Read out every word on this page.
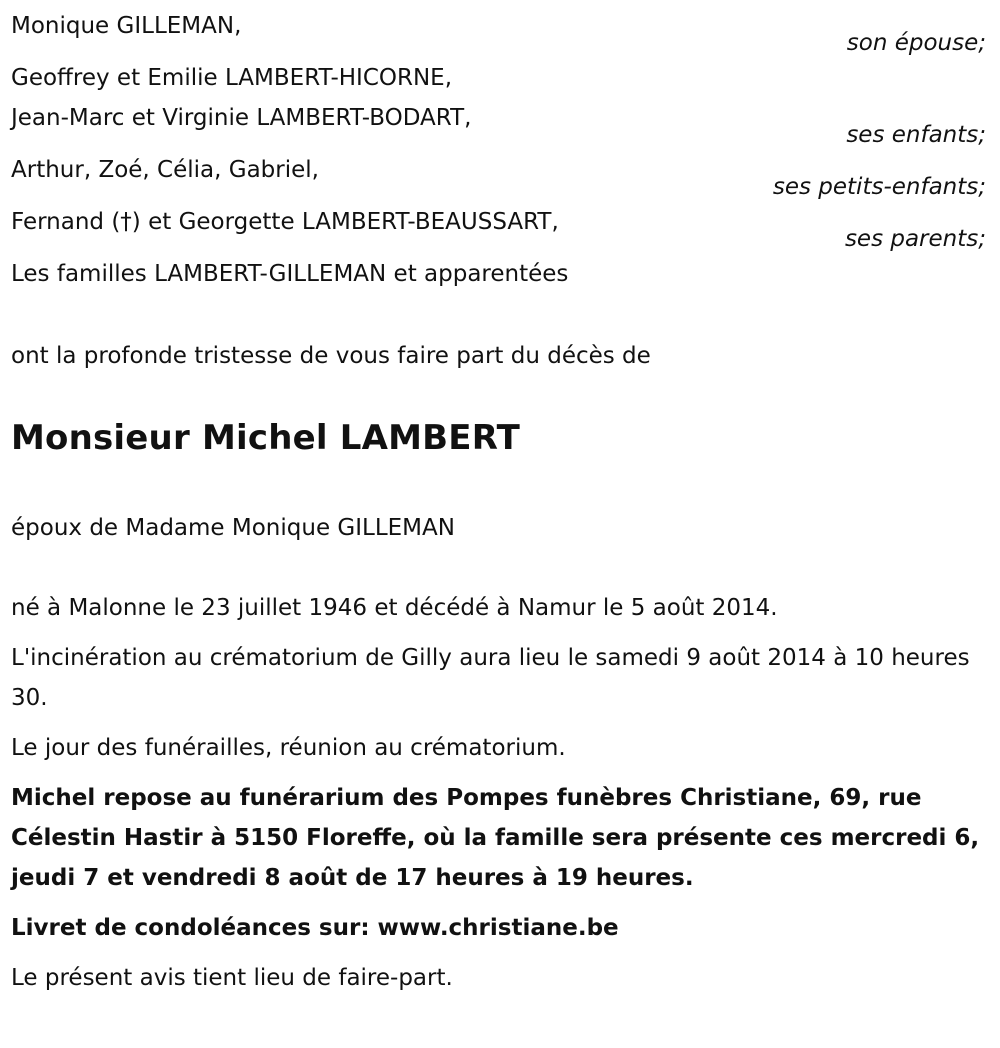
Monique GILLEMAN,
son épouse;
Geoffrey et Emilie LAMBERT-HICORNE,
Jean-Marc et Virginie LAMBERT-BODART,
ses enfants;
Arthur, Zoé, Célia, Gabriel,
ses petits-enfants;
Fernand (†) et Georgette LAMBERT-BEAUSSART,
ses parents;
Les familles LAMBERT-GILLEMAN et apparentées
ont la profonde tristesse de vous faire part du décès de
Monsieur Michel LAMBERT
époux de Madame Monique GILLEMAN
né à Malonne le 23 juillet 1946 et décédé à Namur le 5 août 2014.
L'incinération au crématorium de Gilly aura lieu le samedi 9 août 2014 à 10 heures 30.
Le jour des funérailles, réunion au crématorium.
Michel repose au funérarium des Pompes funèbres Christiane, 69, rue Célestin Hastir à 5150 Floreffe, où la famille sera présente ces mercredi 6, jeudi 7 et vendredi 8 août de 17 heures à 19 heures.
Livret de condoléances sur: www.christiane.be
Le présent avis tient lieu de faire-part.
